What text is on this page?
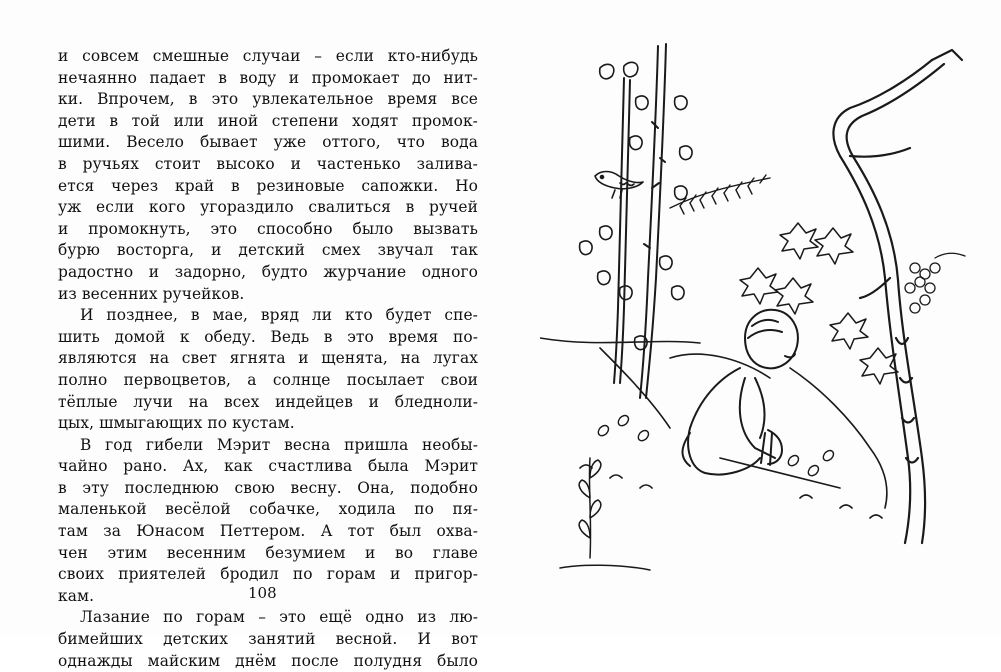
и совсем смешные случаи – если кто-нибудь
нечаянно падает в воду и промокает до нит-
ки. Впрочем, в это увлекательное время все
дети в той или иной степени ходят промок-
шими. Весело бывает уже оттого, что вода
в ручьях стоит высоко и частенько залива-
ется через край в резиновые сапожки. Но
уж если кого угораздило свалиться в ручей
и промокнуть, это способно было вызвать
бурю восторга, и детский смех звучал так
радостно и задорно, будто журчание одного
из весенних ручейков.
И позднее, в мае, вряд ли кто будет спе-
шить домой к обеду. Ведь в это время по-
являются на свет ягнята и щенята, на лугах
полно первоцветов, а солнце посылает свои
тёплые лучи на всех индейцев и бледноли-
цых, шмыгающих по кустам.
В год гибели Мэрит весна пришла необы-
чайно рано. Ах, как счастлива была Мэрит
в эту последнюю свою весну. Она, подобно
маленькой весёлой собачке, ходила по пя-
там за Юнасом Петтером. А тот был охва-
чен этим весенним безумием и во главе
своих приятелей бродил по горам и пригор-
кам.
Лазание по горам – это ещё одно из лю-
бимейших детских занятий весной. И вот
однажды майским днём после полудня было
108
